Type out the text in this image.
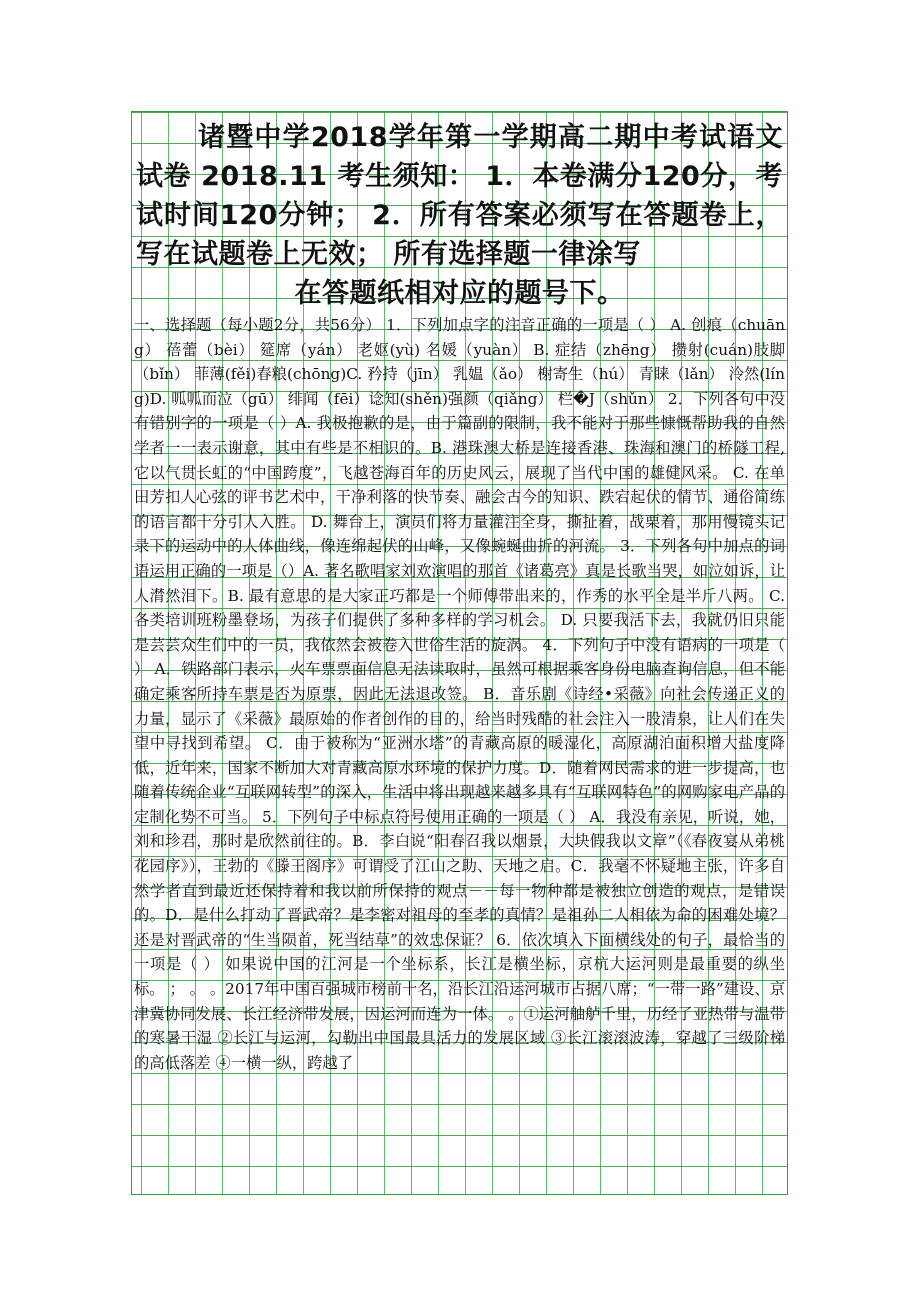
诸暨中学2018学年第一学期高二期中考试语文试卷 2018.11 考生须知： 1．本卷满分120分，考试时间120分钟； 2．所有答案必须写在答题卷上，写在试题卷上无效； 所有选择题一律涂写
在答题纸相对应的题号下。
一、选择题（每小题2分，共56分） 1．下列加点字的注音正确的一项是（ ） A. 创痕（chuāng） 蓓蕾（bèi） 筵席（yán） 老妪(yù) 名媛（yuàn） B. 症结（zhēng） 攒射(cuán)肢脚（bǐn） 菲薄(fěi)春粮(chōng)C. 矜持（jīn） 乳媪（ǎo） 榭寄生（hú） 青睐（lǎn） 泠然(líng)D. 呱呱而泣（gū） 绯闻（fēi）谂知(shěn)强颜（qiǎng） 栏�J（shǔn） 2．下列各句中没有错别字的一项是（ ）A. 我极抱歉的是，由于篇副的限制，我不能对于那些慷慨帮助我的自然学者一一表示谢意，其中有些是不相识的。B. 港珠澳大桥是连接香港、珠海和澳门的桥隧工程,它以气贯长虹的“中国跨度”，飞越苍海百年的历史风云，展现了当代中国的雄健风采。 C. 在单田芳扣人心弦的评书艺术中，干净利落的快节奏、融会古今的知识、跌宕起伏的情节、通俗简练的语言都十分引人入胜。 D. 舞台上，演员们将力量灌注全身，撕扯着，战栗着，那用慢镜头记录下的运动中的人体曲线，像连绵起伏的山峰，又像蜿蜒曲折的河流。 3．下列各句中加点的词语运用正确的一项是（）A. 著名歌唱家刘欢演唱的那首《诸葛亮》真是长歌当哭，如泣如诉，让人潸然泪下。B. 最有意思的是大家正巧都是一个师傅带出来的，作秀的水平全是半斤八两。 C. 各类培训班粉墨登场，为孩子们提供了多种多样的学习机会。 D. 只要我活下去，我就仍旧只能是芸芸众生们中的一员，我依然会被卷入世俗生活的旋涡。 4．下列句子中没有语病的一项是（ ） A．铁路部门表示，火车票票面信息无法读取时，虽然可根据乘客身份电脑查询信息，但不能确定乘客所持车票是否为原票，因此无法退改签。 B．音乐剧《诗经•采薇》向社会传递正义的力量，显示了《采薇》最原始的作者创作的目的，给当时残酷的社会注入一股清泉，让人们在失望中寻找到希望。 C．由于被称为“亚洲水塔”的青藏高原的暖湿化，高原湖泊面积增大盐度降低，近年来，国家不断加大对青藏高原水环境的保护力度。D．随着网民需求的进一步提高，也随着传统企业“互联网转型”的深入，生活中将出现越来越多具有“互联网特色”的网购家电产品的定制化势不可当。 5．下列句子中标点符号使用正确的一项是（ ） A．我没有亲见，听说，她，刘和珍君，那时是欣然前往的。B．李白说“阳春召我以烟景，大块假我以文章”（《春夜宴从弟桃花园序》），王勃的《滕王阁序》可谓受了江山之助、天地之启。C．我毫不怀疑地主张，许多自然学者直到最近还保持着和我以前所保持的观点－－每一物种都是被独立创造的观点，是错误的。D．是什么打动了晋武帝？是李密对祖母的至孝的真情？是祖孙二人相依为命的困难处境？还是对晋武帝的“生当陨首，死当结草”的效忠保证？ 6．依次填入下面横线处的句子，最恰当的一项是（ ） 如果说中国的江河是一个坐标系，长江是横坐标，京杭大运河则是最重要的纵坐标。 ； 。 。2017年中国百强城市榜前十名，沿长江沿运河城市占据八席；“一带一路”建设、京津冀协同发展、长江经济带发展，因运河而连为一体。 。①运河舳舻千里，历经了亚热带与温带的寒暑干湿 ②长江与运河，勾勒出中国最具活力的发展区域 ③长江滚滚波涛，穿越了三级阶梯的高低落差 ④一横一纵，跨越了
